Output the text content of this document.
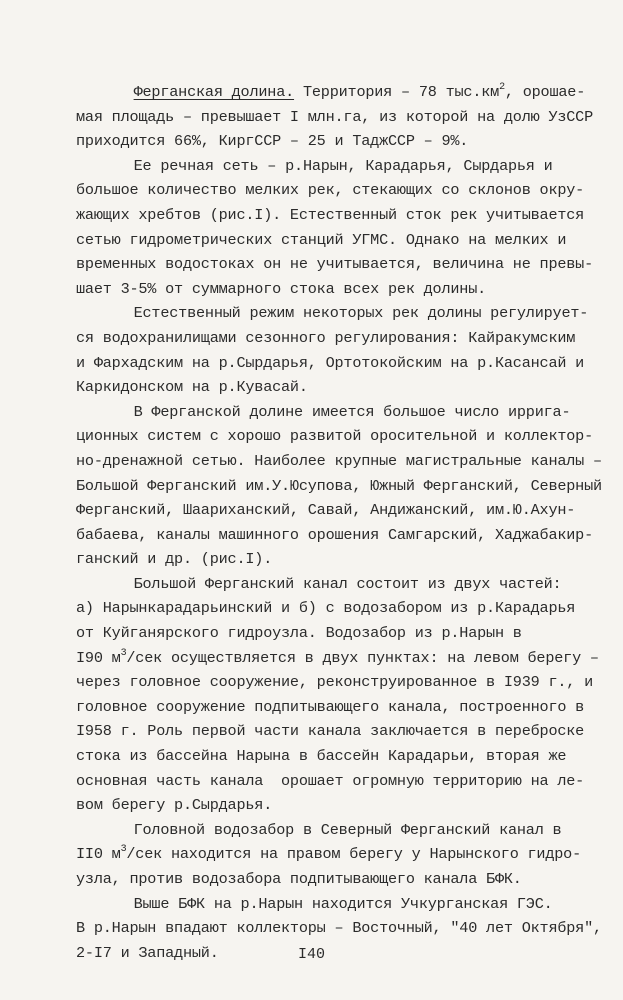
Ферганская долина. Территория – 78 $тыс.км^2$, орошае-
мая площадь – превышает I млн.га, из которой на долю УзССР
приходится 66%, КиргССР – 25 и ТаджССР – 9%.
Ее речная сеть – р.Нарын, Карадарья, Сырдарья и
большое количество мелких рек, стекающих со склонов окру-
жающих хребтов (рис.I). Естественный сток рек учитывается
сетью гидрометрических станций УГМС. Однако на мелких и
временных водостоках он не учитывается, величина не превы-
шает 3-5% от суммарного стока всех рек долины.
Естественный режим некоторых рек долины регулирует-
ся водохранилищами сезонного регулирования: Кайракумским
и Фархадским на р.Сырдарья, Ортотокойским на р.Касансай и
Каркидонском на р.Кувасай.
В Ферганской долине имеется большое число ирригa-
ционных систем с хорошо развитой оросительной и коллектор-
но-дренажной сетью. Наиболее крупные магистральные каналы –
Большой Ферганский им.У.Юсупова, Южный Ферганский, Северный
Ферганский, Шаариханский, Савай, Андижанский, им.Ю.Ахун-
бабаева, каналы машинного орошения Самгарский, Хаджабакир-
ганский и др. (рис.I).
Большой Ферганский канал состоит из двух частей:
а) Нарынкарадарьинский и б) с водозабором из р.Карадарья
от Куйганярского гидроузла. Водозабор из р.Нарын в
I90 $м^3$/сек осуществляется в двух пунктах: на левом берегу –
через головное сооружение, реконструированное в I939 г., и
головное сооружение подпитывающего канала, построенного в
I958 г. Роль первой части канала заключается в переброске
стока из бассейна Нарына в бассейн Карадарьи, вторая же
основная часть канала  орошает огромную территорию на ле-
вом берегу р.Сырдарья.
Головной водозабор в Северный Ферганский канал в
II0 $м^3$/сек находится на правом берегу у Нарынского гидро-
узла, против водозабора подпитывающего канала БФК.
Выше БФК на р.Нарын находится Учкурганская ГЭС.
В р.Нарын впадают коллекторы – Восточный, "40 лет Октября",
2-I7 и Западный.	I40
